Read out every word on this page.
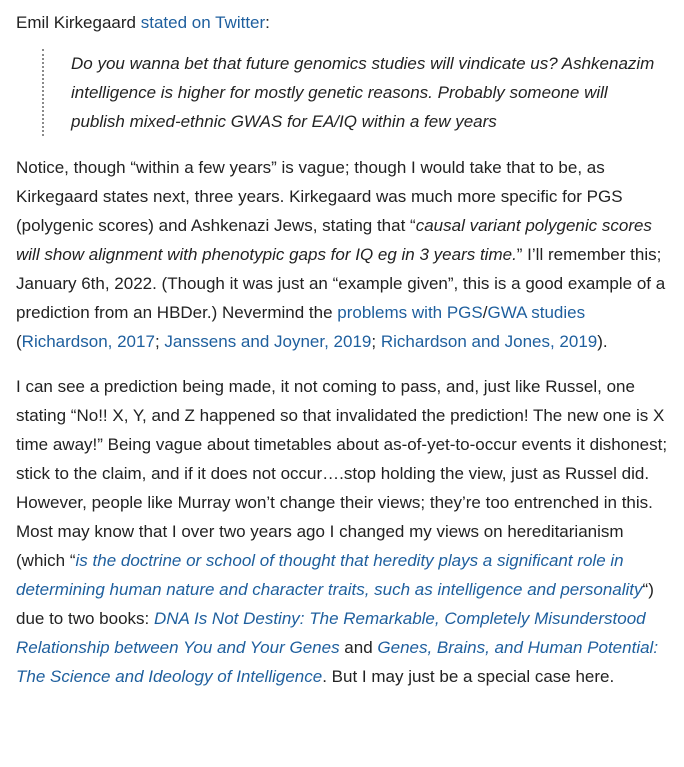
Emil Kirkegaard stated on Twitter:

Do you wanna bet that future genomics studies will vindicate us? Ashkenazim intelligence is higher for mostly genetic reasons. Probably someone will publish mixed-ethnic GWAS for EA/IQ within a few years

Notice, though “within a few years” is vague; though I would take that to be, as Kirkegaard states next, three years. Kirkegaard was much more specific for PGS (polygenic scores) and Ashkenazi Jews, stating that “causal variant polygenic scores will show alignment with phenotypic gaps for IQ eg in 3 years time.” I’ll remember this; January 6th, 2022. (Though it was just an “example given”, this is a good example of a prediction from an HBDer.) Nevermind the problems with PGS/GWA studies (Richardson, 2017; Janssens and Joyner, 2019; Richardson and Jones, 2019).

I can see a prediction being made, it not coming to pass, and, just like Russel, one stating “No!! X, Y, and Z happened so that invalidated the prediction! The new one is X time away!” Being vague about timetables about as-of-yet-to-occur events it dishonest; stick to the claim, and if it does not occur….stop holding the view, just as Russel did. However, people like Murray won’t change their views; they’re too entrenched in this. Most may know that I over two years ago I changed my views on hereditarianism (which “is the doctrine or school of thought that heredity plays a significant role in determining human nature and character traits, such as intelligence and personality“) due to two books: DNA Is Not Destiny: The Remarkable, Completely Misunderstood Relationship between You and Your Genes and Genes, Brains, and Human Potential: The Science and Ideology of Intelligence. But I may just be a special case here.
